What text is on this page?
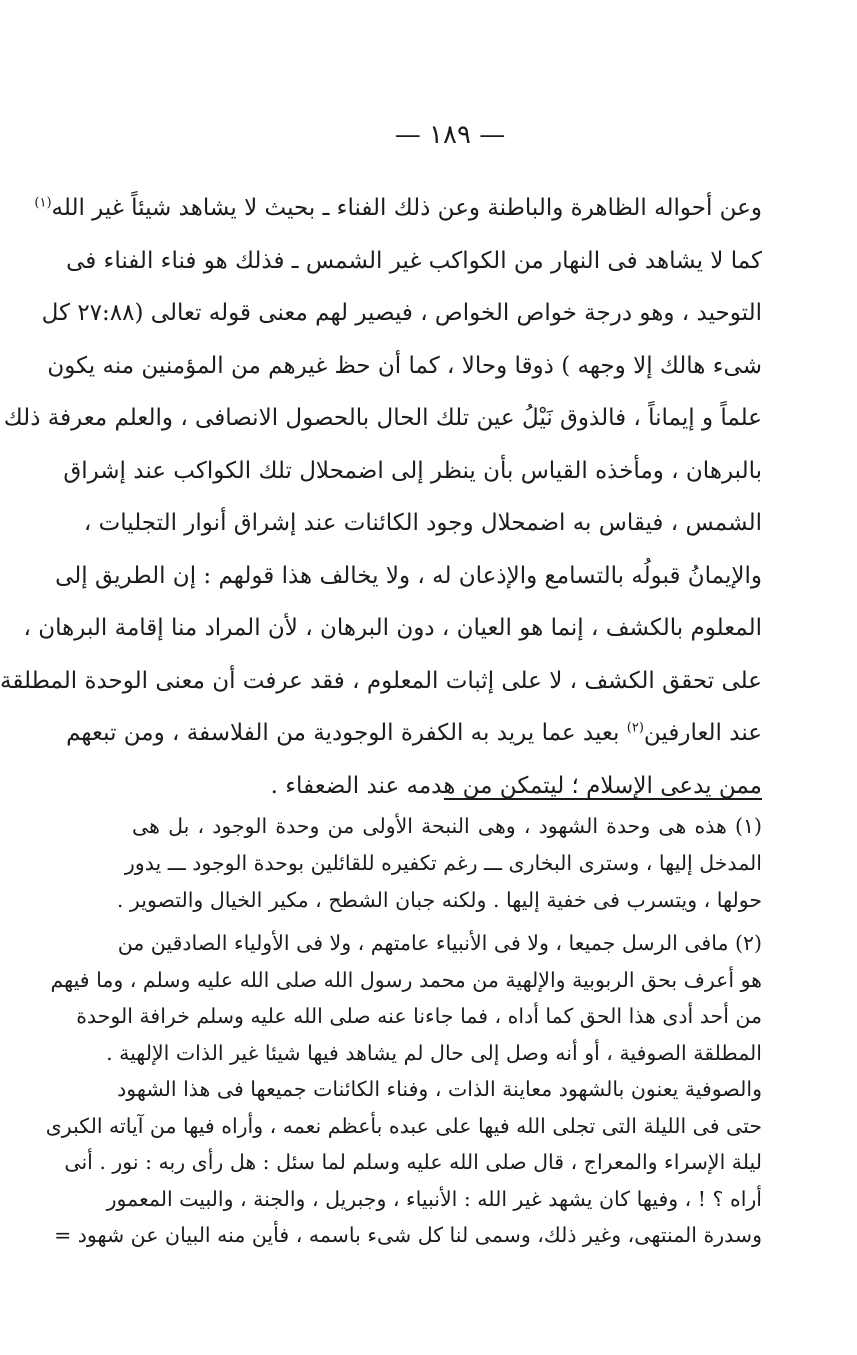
— ١٨٩ —
وعن أحواله الظاهرة والباطنة وعن ذلك الفناء ـ بحيث لا يشاهد شيئاً غير الله$^{(١)}$
كما لا يشاهد فى النهار من الكواكب غير الشمس ـ فذلك هو فناء الفناء فى
التوحيد ، وهو درجة خواص الخواص ، فيصير لهم معنى قوله تعالى (٢٧:٨٨ كل
شىء هالك إلا وجهه ) ذوقا وحالا ، كما أن حظ غيرهم من المؤمنين منه يكون
علماً و إيماناً ، فالذوق نَيْلُ عين تلك الحال بالحصول الانصافى ، والعلم معرفة ذلك
بالبرهان ، ومأخذه القياس بأن ينظر إلى اضمحلال تلك الكواكب عند إشراق
الشمس ، فيقاس به اضمحلال وجود الكائنات عند إشراق أنوار التجليات ،
والإيمانُ قبولُه بالتسامع والإذعان له ، ولا يخالف هذا قولهم : إن الطريق إلى
المعلوم بالكشف ، إنما هو العيان ، دون البرهان ، لأن المراد منا إقامة البرهان ،
على تحقق الكشف ، لا على إثبات المعلوم ، فقد عرفت أن معنى الوحدة المطلقة
عند العارفين$^{(٢)}$ بعيد عما يريد به الكفرة الوجودية من الفلاسفة ، ومن تبعهم
ممن يدعى الإسلام ؛ ليتمكن من هدمه عند الضعفاء .
(١) هذه هى وحدة الشهود ، وهى النبحة الأولى من وحدة الوجود ، بل هى
المدخل إليها ، وسترى البخارى ـــ رغم تكفيره للقائلين بوحدة الوجود ـــ يدور
حولها ، ويتسرب فى خفية إليها . ولكنه جبان الشطح ، مكير الخيال والتصوير .
(٢) مافى الرسل جميعا ، ولا فى الأنبياء عامتهم ، ولا فى الأولياء الصادقين من
هو أعرف بحق الربوبية والإلهية من محمد رسول الله صلى الله عليه وسلم ، وما فيهم
من أحد أدى هذا الحق كما أداه ، فما جاءنا عنه صلى الله عليه وسلم خرافة الوحدة
المطلقة الصوفية ، أو أنه وصل إلى حال لم يشاهد فيها شيئا غير الذات الإلهية .
والصوفية يعنون بالشهود معاينة الذات ، وفناء الكائنات جميعها فى هذا الشهود
حتى فى الليلة التى تجلى الله فيها على عبده بأعظم نعمه ، وأراه فيها من آياته الكبرى
ليلة الإسراء والمعراج ، قال صلى الله عليه وسلم لما سئل : هل رأى ربه : نور . أنى
أراه ؟ ! ، وفيها كان يشهد غير الله : الأنبياء ، وجبريل ، والجنة ، والبيت المعمور
وسدرة المنتهى، وغير ذلك، وسمى لنا كل شىء باسمه ، فأين منه البيان عن شهود =
